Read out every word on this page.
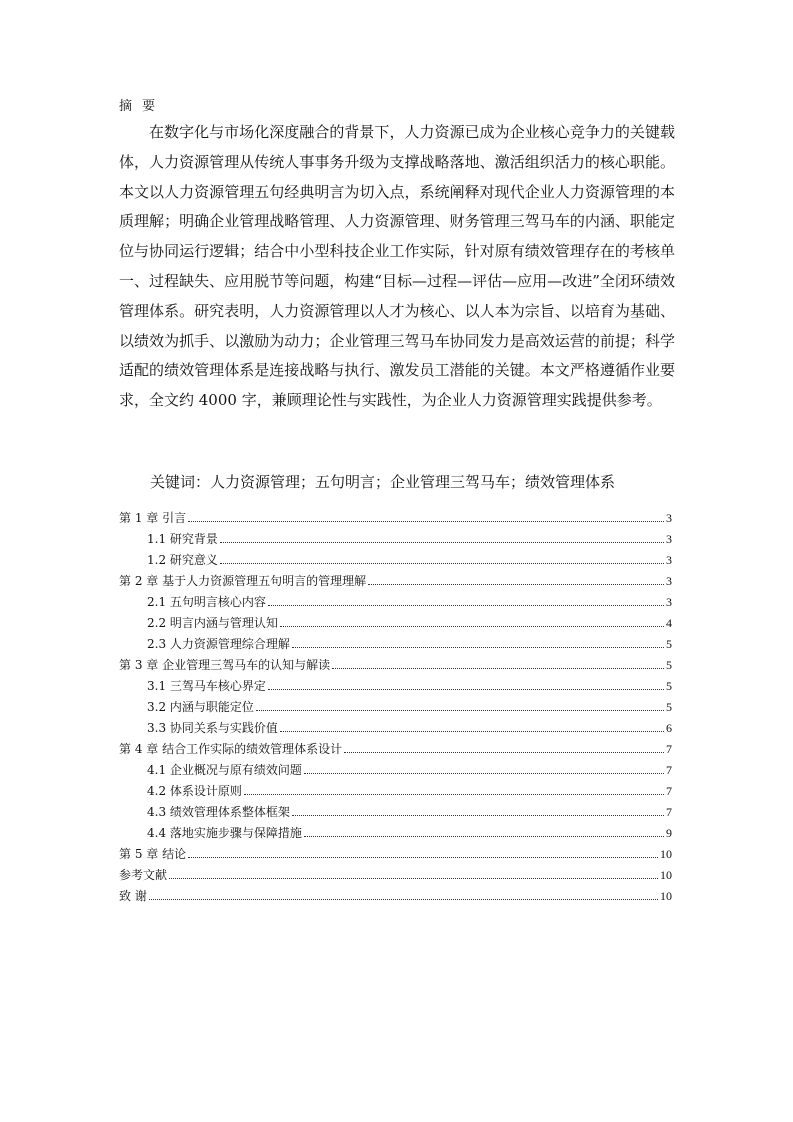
摘 要
在数字化与市场化深度融合的背景下，人力资源已成为企业核心竞争力的关键载体，人力资源管理从传统人事事务升级为支撑战略落地、激活组织活力的核心职能。本文以人力资源管理五句经典明言为切入点，系统阐释对现代企业人力资源管理的本质理解；明确企业管理战略管理、人力资源管理、财务管理三驾马车的内涵、职能定位与协同运行逻辑；结合中小型科技企业工作实际，针对原有绩效管理存在的考核单一、过程缺失、应用脱节等问题，构建“目标—过程—评估—应用—改进”全闭环绩效管理体系。研究表明，人力资源管理以人才为核心、以人本为宗旨、以培育为基础、以绩效为抓手、以激励为动力；企业管理三驾马车协同发力是高效运营的前提；科学适配的绩效管理体系是连接战略与执行、激发员工潜能的关键。本文严格遵循作业要求，全文约 4000 字，兼顾理论性与实践性，为企业人力资源管理实践提供参考。
关键词：人力资源管理；五句明言；企业管理三驾马车；绩效管理体系
第 1 章 引言	3
1.1 研究背景	3
1.2 研究意义	3
第 2 章 基于人力资源管理五句明言的管理理解	3
2.1 五句明言核心内容	3
2.2 明言内涵与管理认知	4
2.3 人力资源管理综合理解	5
第 3 章 企业管理三驾马车的认知与解读	5
3.1 三驾马车核心界定	5
3.2 内涵与职能定位	5
3.3 协同关系与实践价值	6
第 4 章 结合工作实际的绩效管理体系设计	7
4.1 企业概况与原有绩效问题	7
4.2 体系设计原则	7
4.3 绩效管理体系整体框架	7
4.4 落地实施步骤与保障措施	9
第 5 章 结论	10
参考文献	10
致 谢	10
